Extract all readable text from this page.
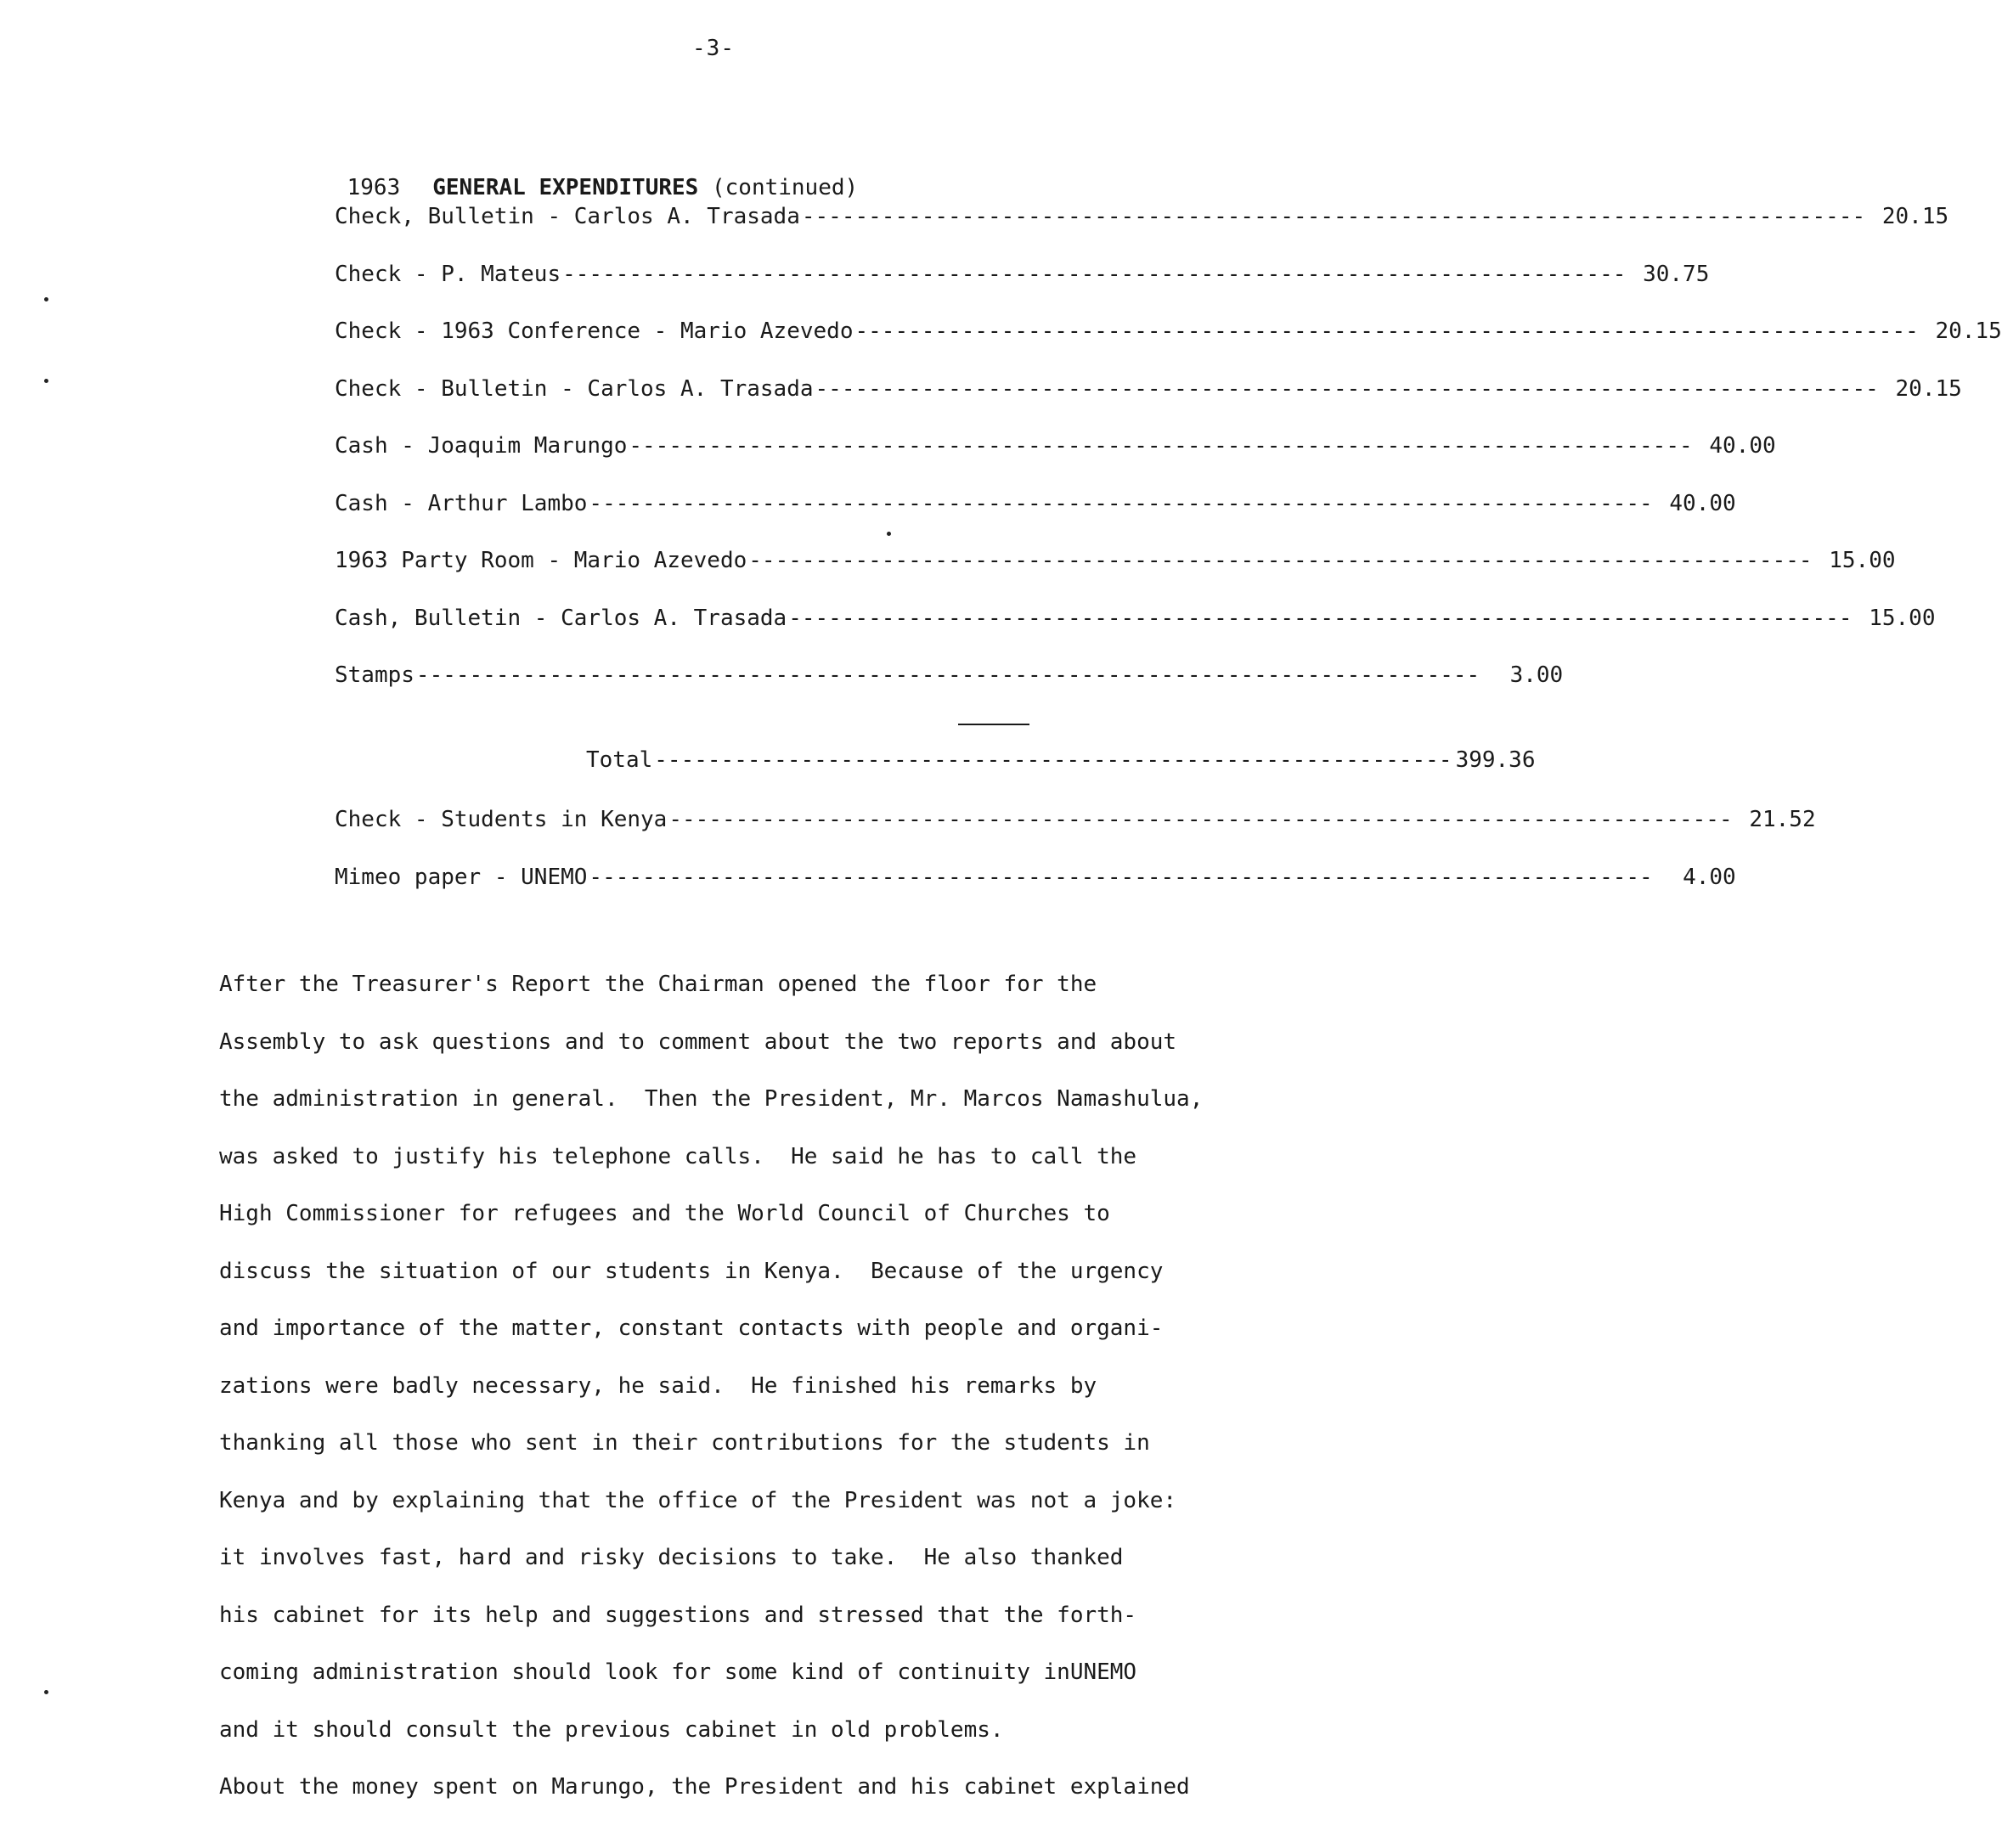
-3-

1963 GENERAL EXPENDITURES (continued)

Check, Bulletin - Carlos A. Trasada -------------------------------------------------------------------------------- 20.15
Check - P. Mateus -------------------------------------------------------------------------------- 30.75
Check - 1963 Conference - Mario Azevedo -------------------------------------------------------------------------------- 20.15
Check - Bulletin - Carlos A. Trasada -------------------------------------------------------------------------------- 20.15
Cash - Joaquim Marungo -------------------------------------------------------------------------------- 40.00
Cash - Arthur Lambo -------------------------------------------------------------------------------- 40.00
1963 Party Room - Mario Azevedo -------------------------------------------------------------------------------- 15.00
Cash, Bulletin - Carlos A. Trasada -------------------------------------------------------------------------------- 15.00
Stamps --------------------------------------------------------------------------------	3.00
Total ------------------------------------------------------------ 399.36
Check - Students in Kenya -------------------------------------------------------------------------------- 21.52
Mimeo paper - UNEMO --------------------------------------------------------------------------------	4.00
After the Treasurer's Report the Chairman opened the floor for the
Assembly to ask questions and to comment about the two reports and about
the administration in general.  Then the President, Mr. Marcos Namashulua,
was asked to justify his telephone calls.  He said he has to call the
High Commissioner for refugees and the World Council of Churches to
discuss the situation of our students in Kenya.  Because of the urgency
and importance of the matter, constant contacts with people and organi-
zations were badly necessary, he said.  He finished his remarks by
thanking all those who sent in their contributions for the students in
Kenya and by explaining that the office of the President was not a joke:
it involves fast, hard and risky decisions to take.  He also thanked
his cabinet for its help and suggestions and stressed that the forth-
coming administration should look for some kind of continuity inUNEMO
and it should consult the previous cabinet in old problems.
About the money spent on Marungo, the President and his cabinet explained
